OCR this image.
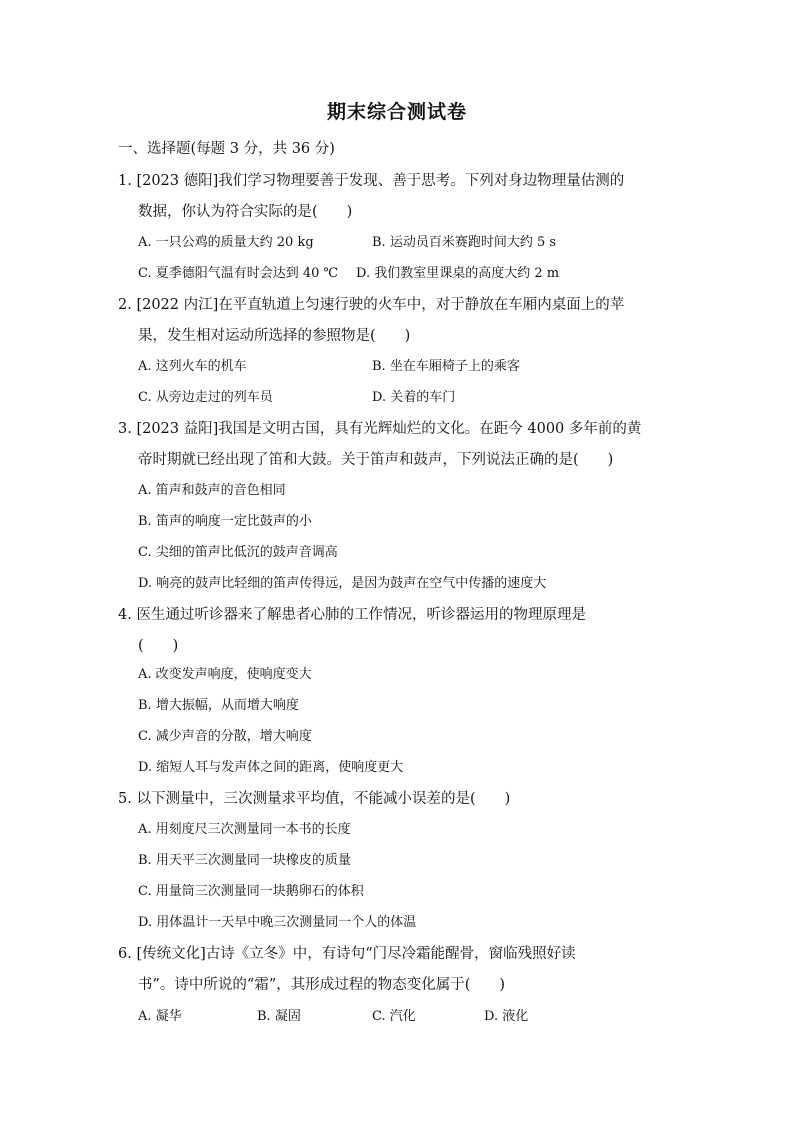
期末综合测试卷
一、选择题(每题 3 分，共 36 分)
1. [2023 德阳]我们学习物理要善于发现、善于思考。下列对身边物理量估测的
数据，你认为符合实际的是(　　)
A. 一只公鸡的质量大约 20 kg	B. 运动员百米赛跑时间大约 5 s
C. 夏季德阳气温有时会达到 40 ℃ D. 我们教室里课桌的高度大约 2 m
2. [2022 内江]在平直轨道上匀速行驶的火车中，对于静放在车厢内桌面上的苹
果，发生相对运动所选择的参照物是(　　)
A. 这列火车的机车	B. 坐在车厢椅子上的乘客
C. 从旁边走过的列车员	D. 关着的车门
3. [2023 益阳]我国是文明古国，具有光辉灿烂的文化。在距今 4000 多年前的黄
帝时期就已经出现了笛和大鼓。关于笛声和鼓声，下列说法正确的是(　　)
A. 笛声和鼓声的音色相同
B. 笛声的响度一定比鼓声的小
C. 尖细的笛声比低沉的鼓声音调高
D. 响亮的鼓声比轻细的笛声传得远，是因为鼓声在空气中传播的速度大
4. 医生通过听诊器来了解患者心肺的工作情况，听诊器运用的物理原理是
(　　)
A. 改变发声响度，使响度变大
B. 增大振幅，从而增大响度
C. 减少声音的分散，增大响度
D. 缩短人耳与发声体之间的距离，使响度更大
5. 以下测量中，三次测量求平均值，不能减小误差的是(　　)
A. 用刻度尺三次测量同一本书的长度
B. 用天平三次测量同一块橡皮的质量
C. 用量筒三次测量同一块鹅卵石的体积
D. 用体温计一天早中晚三次测量同一个人的体温
6. [传统文化]古诗《立冬》中，有诗句“门尽冷霜能醒骨，窗临残照好读
书”。诗中所说的“霜”，其形成过程的物态变化属于(　　)
A. 凝华	B. 凝固	C. 汽化	D. 液化
